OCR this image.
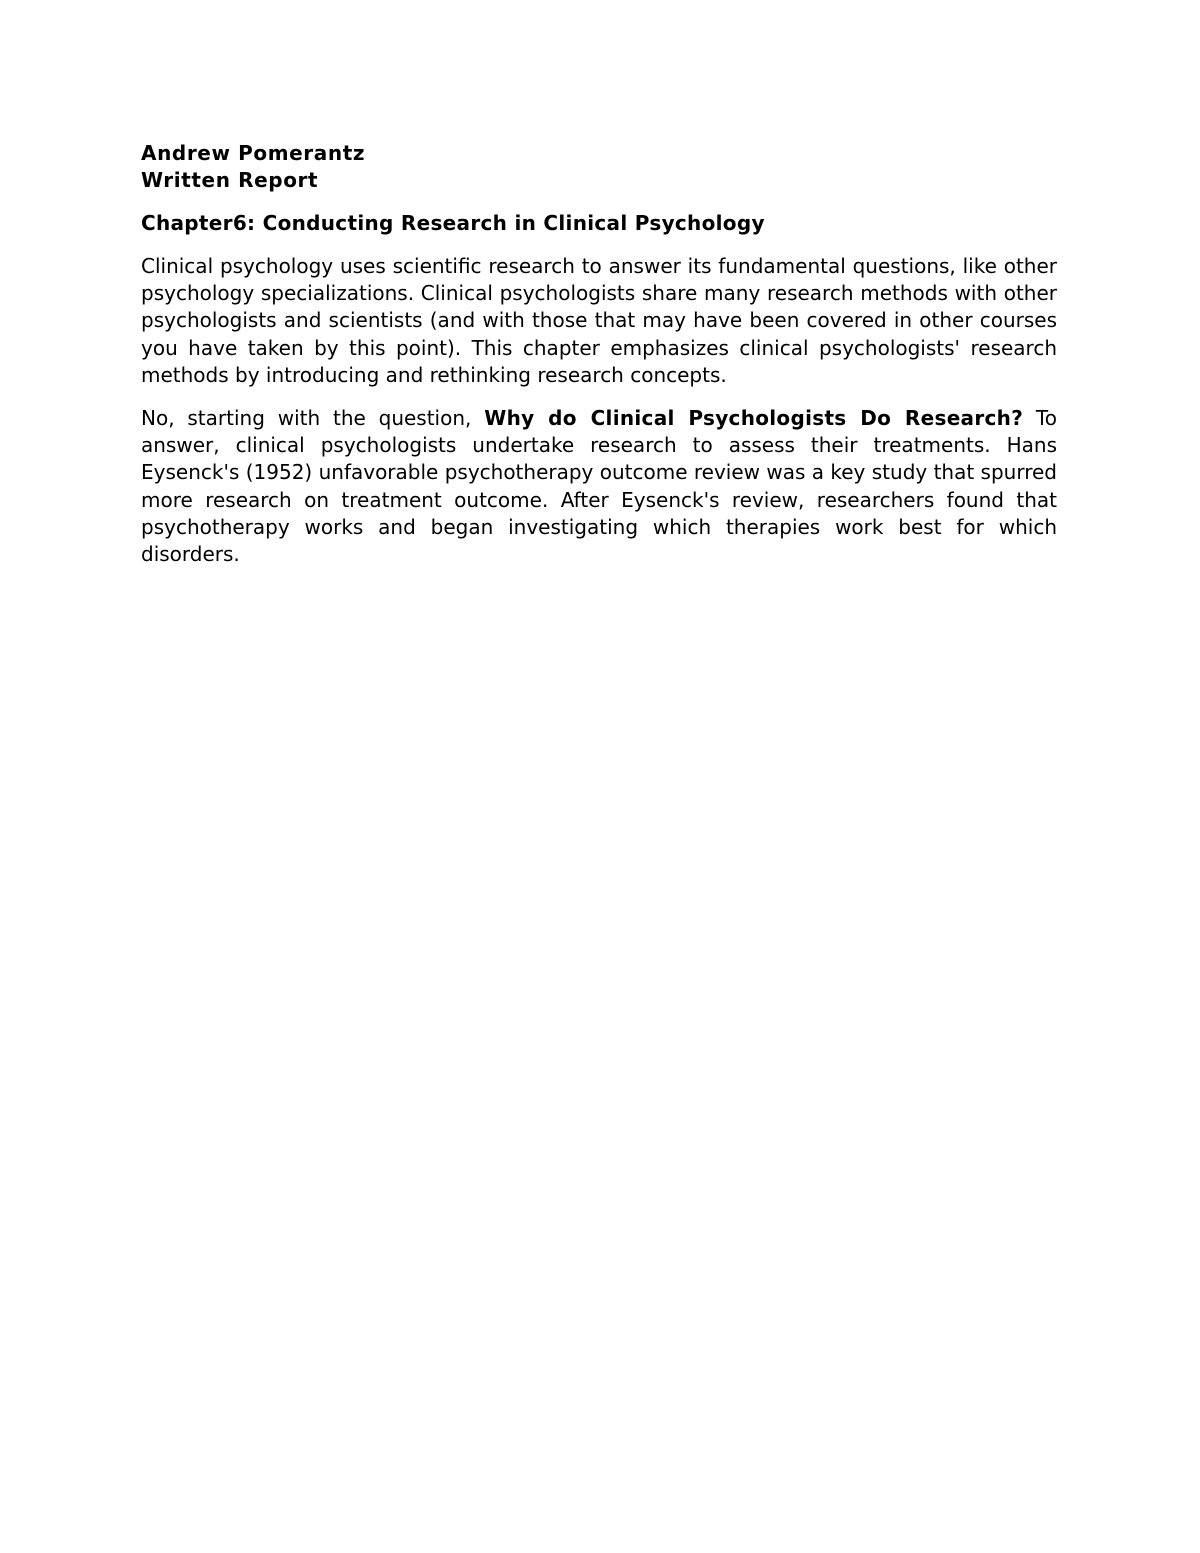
Andrew Pomerantz
Written Report
Chapter6: Conducting Research in Clinical Psychology

Clinical psychology uses scientific research to answer its fundamental questions, like other psychology specializations. Clinical psychologists share many research methods with other psychologists and scientists (and with those that may have been covered in other courses you have taken by this point). This chapter emphasizes clinical psychologists' research methods by introducing and rethinking research concepts.

No, starting with the question, Why do Clinical Psychologists Do Research? To answer, clinical psychologists undertake research to assess their treatments. Hans Eysenck's (1952) unfavorable psychotherapy outcome review was a key study that spurred more research on treatment outcome. After Eysenck's review, researchers found that psychotherapy works and began investigating which therapies work best for which disorders.
